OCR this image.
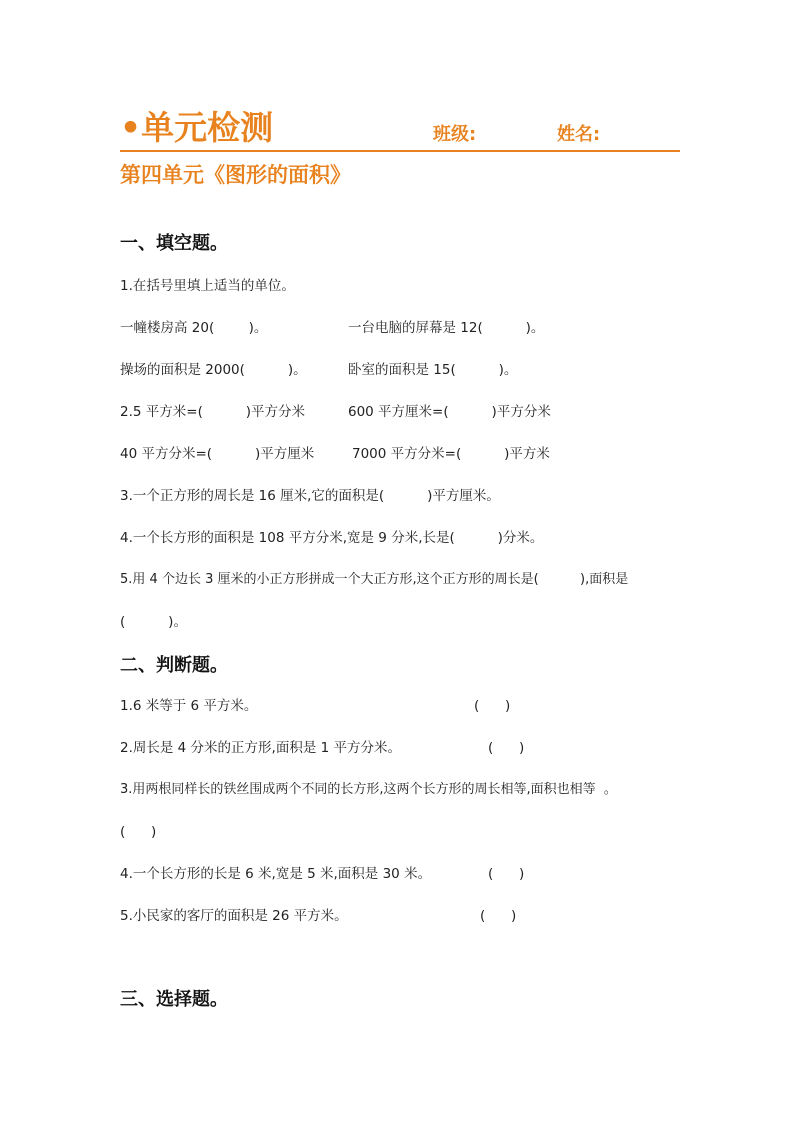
•单元检测	班级:	姓名:
第四单元《图形的面积》
一、填空题。
1.在括号里填上适当的单位。
一幢楼房高 20(        )。	一台电脑的屏幕是 12(          )。
操场的面积是 2000(          )。	卧室的面积是 15(          )。
2.5 平方米=(          )平方分米	600 平方厘米=(          )平方分米
40 平方分米=(          )平方厘米	7000 平方分米=(          )平方米
3.一个正方形的周长是 16 厘米,它的面积是(          )平方厘米。
4.一个长方形的面积是 108 平方分米,宽是 9 分米,长是(          )分米。
5.用 4 个边长 3 厘米的小正方形拼成一个大正方形,这个正方形的周长是(          ),面积是
(          )。
二、判断题。
1.6 米等于 6 平方米。	(      )
2.周长是 4 分米的正方形,面积是 1 平方分米。	(      )
3.用两根同样长的铁丝围成两个不同的长方形,这两个长方形的周长相等,面积也相等  。
(      )
4.一个长方形的长是 6 米,宽是 5 米,面积是 30 米。	(      )
5.小民家的客厅的面积是 26 平方米。	(      )
三、选择题。
